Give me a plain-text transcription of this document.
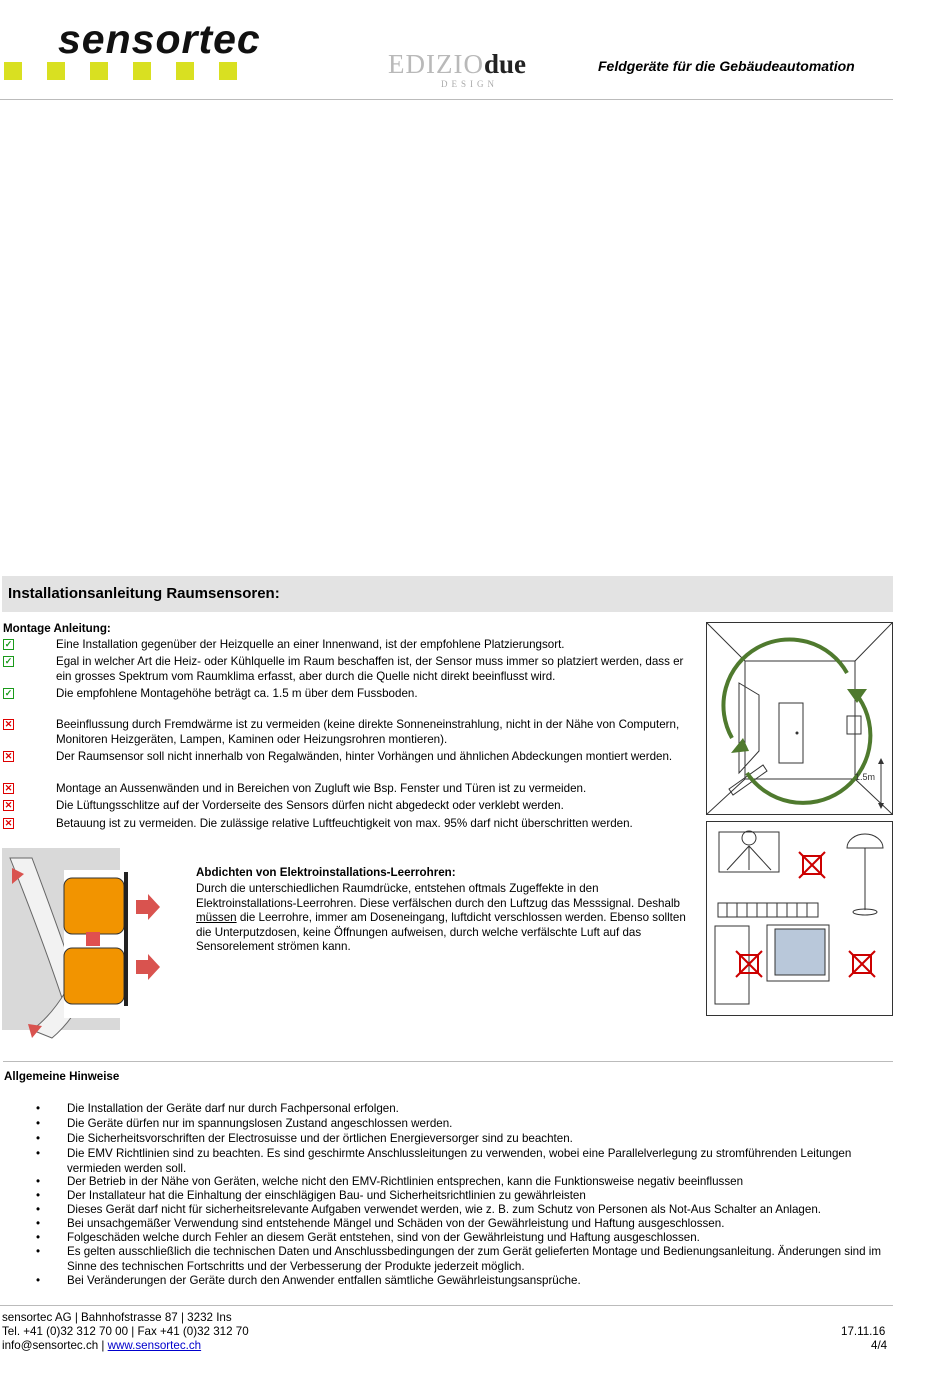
sensortec
EDIZIOdue
DESIGN
Feldgeräte für die Gebäudeautomation
Installationsanleitung Raumsensoren:
Montage Anleitung:
✓	Eine Installation gegenüber der Heizquelle an einer Innenwand, ist der empfohlene Platzierungsort.
✓	Egal in welcher Art die Heiz- oder Kühlquelle im Raum beschaffen ist, der Sensor muss immer so platziert werden, dass er ein grosses Spektrum vom Raumklima erfasst, aber durch die Quelle nicht direkt beeinflusst wird.
✓	Die empfohlene Montagehöhe beträgt ca. 1.5 m über dem Fussboden.
✕	Beeinflussung durch Fremdwärme ist zu vermeiden (keine direkte Sonneneinstrahlung, nicht in der Nähe von Computern, Monitoren Heizgeräten, Lampen, Kaminen oder Heizungsrohren montieren).
✕	Der Raumsensor soll nicht innerhalb von Regalwänden, hinter Vorhängen und ähnlichen Abdeckungen montiert werden.
✕	Montage an Aussenwänden und in Bereichen von Zugluft wie Bsp. Fenster und Türen ist zu vermeiden.
✕	Die Lüftungsschlitze auf der Vorderseite des Sensors dürfen nicht abgedeckt oder verklebt werden.
✕	Betauung ist zu vermeiden. Die zulässige relative Luftfeuchtigkeit von max. 95% darf nicht überschritten werden.
1.5m
Abdichten von Elektroinstallations-Leerrohren:
Durch die unterschiedlichen Raumdrücke, entstehen oftmals Zugeffekte in den Elektroinstallations-Leerrohren. Diese verfälschen durch den Luftzug das Messsignal. Deshalb müssen die Leerrohre, immer am Doseneingang, luftdicht verschlossen werden. Ebenso sollten die Unterputzdosen, keine Öffnungen aufweisen, durch welche verfälschte Luft auf das Sensorelement strömen kann.
Allgemeine Hinweise
• Die Installation der Geräte darf nur durch Fachpersonal erfolgen.
• Die Geräte dürfen nur im spannungslosen Zustand angeschlossen werden.
• Die Sicherheitsvorschriften der Electrosuisse und der örtlichen Energieversorger sind zu beachten.
• Die EMV Richtlinien sind zu beachten. Es sind geschirmte Anschlussleitungen zu verwenden, wobei eine Parallelverlegung zu stromführenden Leitungen vermieden werden soll.
• Der Betrieb in der Nähe von Geräten, welche nicht den EMV-Richtlinien entsprechen, kann die Funktionsweise negativ beeinflussen
• Der Installateur hat die Einhaltung der einschlägigen Bau- und Sicherheitsrichtlinien zu gewährleisten
• Dieses Gerät darf nicht für sicherheitsrelevante Aufgaben verwendet werden, wie z. B. zum Schutz von Personen als Not-Aus Schalter an Anlagen.
• Bei unsachgemäßer Verwendung sind entstehende Mängel und Schäden von der Gewährleistung und Haftung ausgeschlossen.
• Folgeschäden welche durch Fehler an diesem Gerät entstehen, sind von der Gewährleistung und Haftung ausgeschlossen.
• Es gelten ausschließlich die technischen Daten und Anschlussbedingungen der zum Gerät gelieferten Montage und Bedienungsanleitung. Änderungen sind im Sinne des technischen Fortschritts und der Verbesserung der Produkte jederzeit möglich.
• Bei Veränderungen der Geräte durch den Anwender entfallen sämtliche Gewährleistungsansprüche.
sensortec AG | Bahnhofstrasse 87 | 3232 Ins
Tel. +41 (0)32 312 70 00 | Fax +41 (0)32 312 70
info@sensortec.ch | www.sensortec.ch
17.11.16
4/4
